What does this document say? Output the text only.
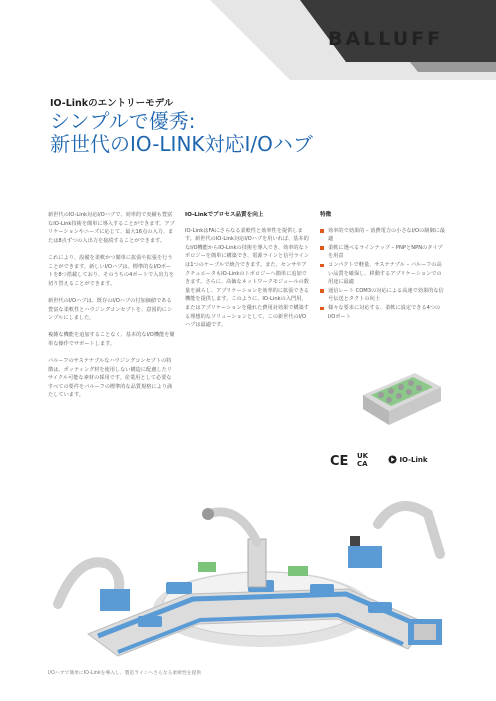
BALLUFF
IO-Linkのエントリーモデル
シンプルで優秀:
新世代のIO-LINK対応I/Oハブ

新世代のIO-Link対応I/Oハブで、効率的で実績も豊富なIO-Link技術を簡単に導入することができます。アプリケーションやニーズに応じて、最大16点の入力、または8点ずつの入出力を接続することができます。

これにより、設備を柔軟かつ簡単に拡張や拡張を行うことができます。新しいI/Oハブは、標準的なI/Oポートを8つ搭載しており、そのうちの4ポートで入出力を切り替えることができます。

新世代のI/Oハブは、既存のI/Oハブの付加価値である豊富な柔軟性とハウジングコンセプトを、意図的にシンプルにしました。

複雑な機能を追加することなく、基本的なI/O機能を簡単な操作でサポートします。

バルーフのサステナブルなハウジングコンセプトの特徴は、ポッティング材を使用しない構造に配慮したリサイクル可能な素材の採用です。産業用として必要なすべての要件をバルーフの標準的な品質規格により満たしています。

IO-Linkでプロセス品質を向上

IO-LinkはFAにさらなる柔軟性と効率性を提供します。新世代のIO-Link対応I/Oハブを用いれば、基本的なI/O機能からIO-Linkの技術を導入でき、効率的なトポロジーを簡単に構築でき、電源ラインと信号ラインは1つのケーブルで統合できます。また、センサやアクチュエータもIO-Linkのトポロジーへ簡単に追加できます。さらに、高価なネットワークモジュールの数量を減らし、アプリケーションを効率的に拡張できる機能を提供します。このように、IO-Linkの入門用、またはアプリケーションを優れた費用対効果で構築する理想的なソリューションとして、この新世代のI/Oハブは最適です。

特徴
効率的で効果的 – 消費電力の小さなI/Oの制御に最適
柔軟に選べるラインナップ – PNPとNPNのタイプを用意
コンパクトで軽量、サステナブル – バルーフの高い品質を確保し、移動するアプリケーションでの用途に最適
通信レート COM3の対応による高速で効果的な信号伝送とタクトの向上
様々な要求に対応する、柔軟に設定できる4つのI/Oポート
CE UK
CA	IO-Link
I/Oハブで簡単にIO-Linkを導入し、製造ラインへさらなる柔軟性を提供
